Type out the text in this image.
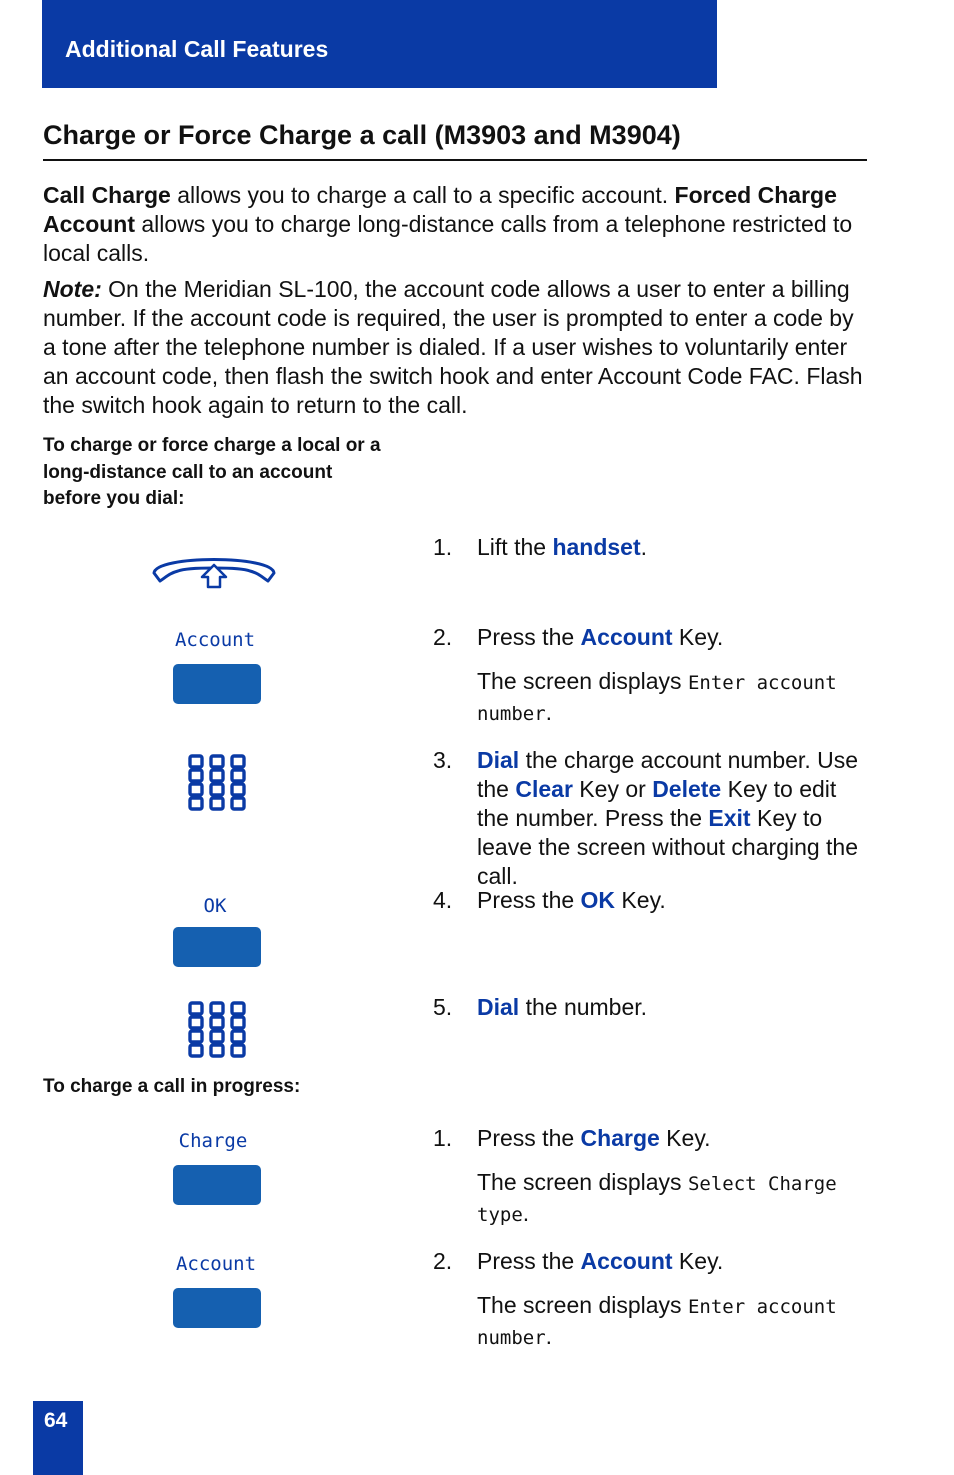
Additional Call Features
Charge or Force Charge a call (M3903 and M3904)

Call Charge allows you to charge a call to a specific account. Forced Charge Account allows you to charge long-distance calls from a telephone restricted to local calls.

Note: On the Meridian SL-100, the account code allows a user to enter a billing number. If the account code is required, the user is prompted to enter a code by a tone after the telephone number is dialed. If a user wishes to voluntarily enter an account code, then flash the switch hook and enter Account Code FAC. Flash the switch hook again to return to the call.

To charge or force charge a local or a
long-distance call to an account
before you dial:

1. Lift the handset.
Account	2. Press the Account Key.
The screen displays Enter account number.
3. Dial the charge account number. Use the Clear Key or Delete Key to edit the number. Press the Exit Key to leave the screen without charging the call.
OK	4. Press the OK Key.
5. Dial the number.

To charge a call in progress:

Charge	1. Press the Charge Key.
The screen displays Select Charge type.
Account	2. Press the Account Key.
The screen displays Enter account number.
64
